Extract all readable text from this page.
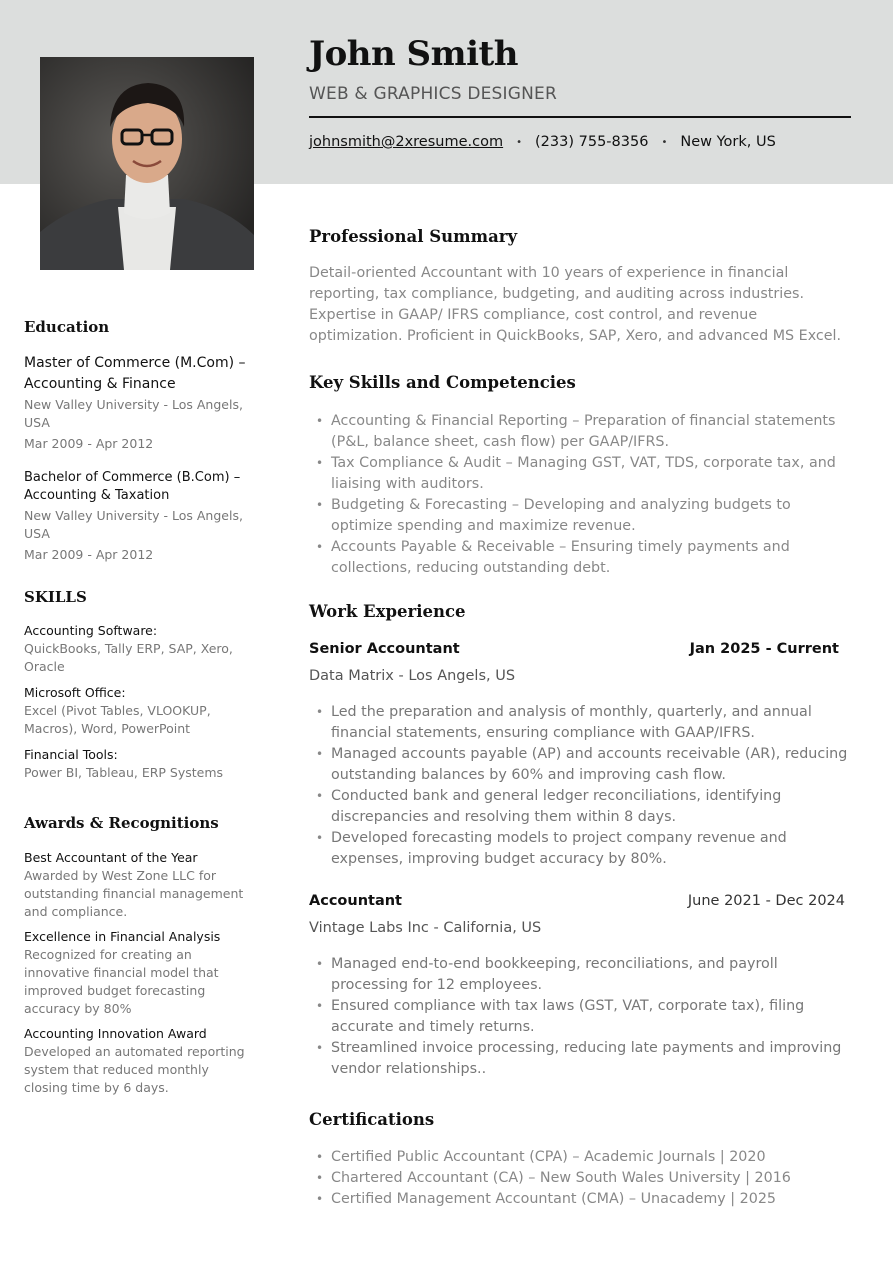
John Smith
WEB & GRAPHICS DESIGNER
johnsmith@2xresume.com • (233) 755-8356 • New York, US
Education
Master of Commerce (M.Com) – Accounting & Finance
New Valley University - Los Angels, USA
Mar 2009 - Apr 2012
Bachelor of Commerce (B.Com) – Accounting & Taxation
New Valley University - Los Angels, USA
Mar 2009 - Apr 2012
SKILLS
Accounting Software:
QuickBooks, Tally ERP, SAP, Xero, Oracle
Microsoft Office:
Excel (Pivot Tables, VLOOKUP, Macros), Word, PowerPoint
Financial Tools:
Power BI, Tableau, ERP Systems
Awards & Recognitions
Best Accountant of the Year
Awarded by West Zone LLC for outstanding financial management and compliance.
Excellence in Financial Analysis
Recognized for creating an innovative financial model that improved budget forecasting accuracy by 80%
Accounting Innovation Award
Developed an automated reporting system that reduced monthly closing time by 6 days.
Professional Summary
Detail-oriented Accountant with 10 years of experience in financial reporting, tax compliance, budgeting, and auditing across industries. Expertise in GAAP/ IFRS compliance, cost control, and revenue optimization. Proficient in QuickBooks, SAP, Xero, and advanced MS Excel.
Key Skills and Competencies
• Accounting & Financial Reporting – Preparation of financial statements (P&L, balance sheet, cash flow) per GAAP/IFRS.
• Tax Compliance & Audit – Managing GST, VAT, TDS, corporate tax, and liaising with auditors.
• Budgeting & Forecasting – Developing and analyzing budgets to optimize spending and maximize revenue.
• Accounts Payable & Receivable – Ensuring timely payments and collections, reducing outstanding debt.
Work Experience
Senior Accountant	Jan 2025 - Current
Data Matrix - Los Angels, US
• Led the preparation and analysis of monthly, quarterly, and annual financial statements, ensuring compliance with GAAP/IFRS.
• Managed accounts payable (AP) and accounts receivable (AR), reducing outstanding balances by 60% and improving cash flow.
• Conducted bank and general ledger reconciliations, identifying discrepancies and resolving them within 8 days.
• Developed forecasting models to project company revenue and expenses, improving budget accuracy by 80%.
Accountant	June 2021 - Dec 2024
Vintage Labs Inc - California, US
• Managed end-to-end bookkeeping, reconciliations, and payroll processing for 12 employees.
• Ensured compliance with tax laws (GST, VAT, corporate tax), filing accurate and timely returns.
• Streamlined invoice processing, reducing late payments and improving vendor relationships..
Certifications
• Certified Public Accountant (CPA) – Academic Journals | 2020
• Chartered Accountant (CA) – New South Wales University | 2016
• Certified Management Accountant (CMA) – Unacademy | 2025
